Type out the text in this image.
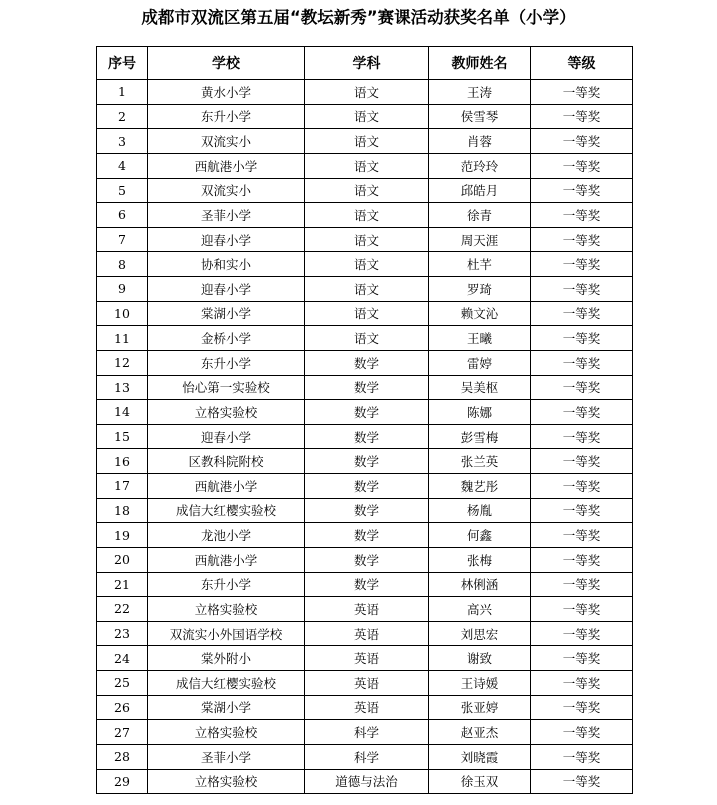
成都市双流区第五届“教坛新秀”赛课活动获奖名单（小学）
序号	学校	学科	教师姓名	等级
1	黄水小学	语文	王涛	一等奖
2	东升小学	语文	侯雪琴	一等奖
3	双流实小	语文	肖蓉	一等奖
4	西航港小学	语文	范玲玲	一等奖
5	双流实小	语文	邱皓月	一等奖
6	圣菲小学	语文	徐青	一等奖
7	迎春小学	语文	周天涯	一等奖
8	协和实小	语文	杜芊	一等奖
9	迎春小学	语文	罗琦	一等奖
10	棠湖小学	语文	赖文沁	一等奖
11	金桥小学	语文	王曦	一等奖
12	东升小学	数学	雷婷	一等奖
13	怡心第一实验校	数学	吴美枢	一等奖
14	立格实验校	数学	陈娜	一等奖
15	迎春小学	数学	彭雪梅	一等奖
16	区教科院附校	数学	张兰英	一等奖
17	西航港小学	数学	魏艺彤	一等奖
18	成信大红樱实验校	数学	杨胤	一等奖
19	龙池小学	数学	何鑫	一等奖
20	西航港小学	数学	张梅	一等奖
21	东升小学	数学	林俐涵	一等奖
22	立格实验校	英语	高兴	一等奖
23	双流实小外国语学校	英语	刘思宏	一等奖
24	棠外附小	英语	谢致	一等奖
25	成信大红樱实验校	英语	王诗媛	一等奖
26	棠湖小学	英语	张亚婷	一等奖
27	立格实验校	科学	赵亚杰	一等奖
28	圣菲小学	科学	刘晓霞	一等奖
29	立格实验校	道德与法治	徐玉双	一等奖
